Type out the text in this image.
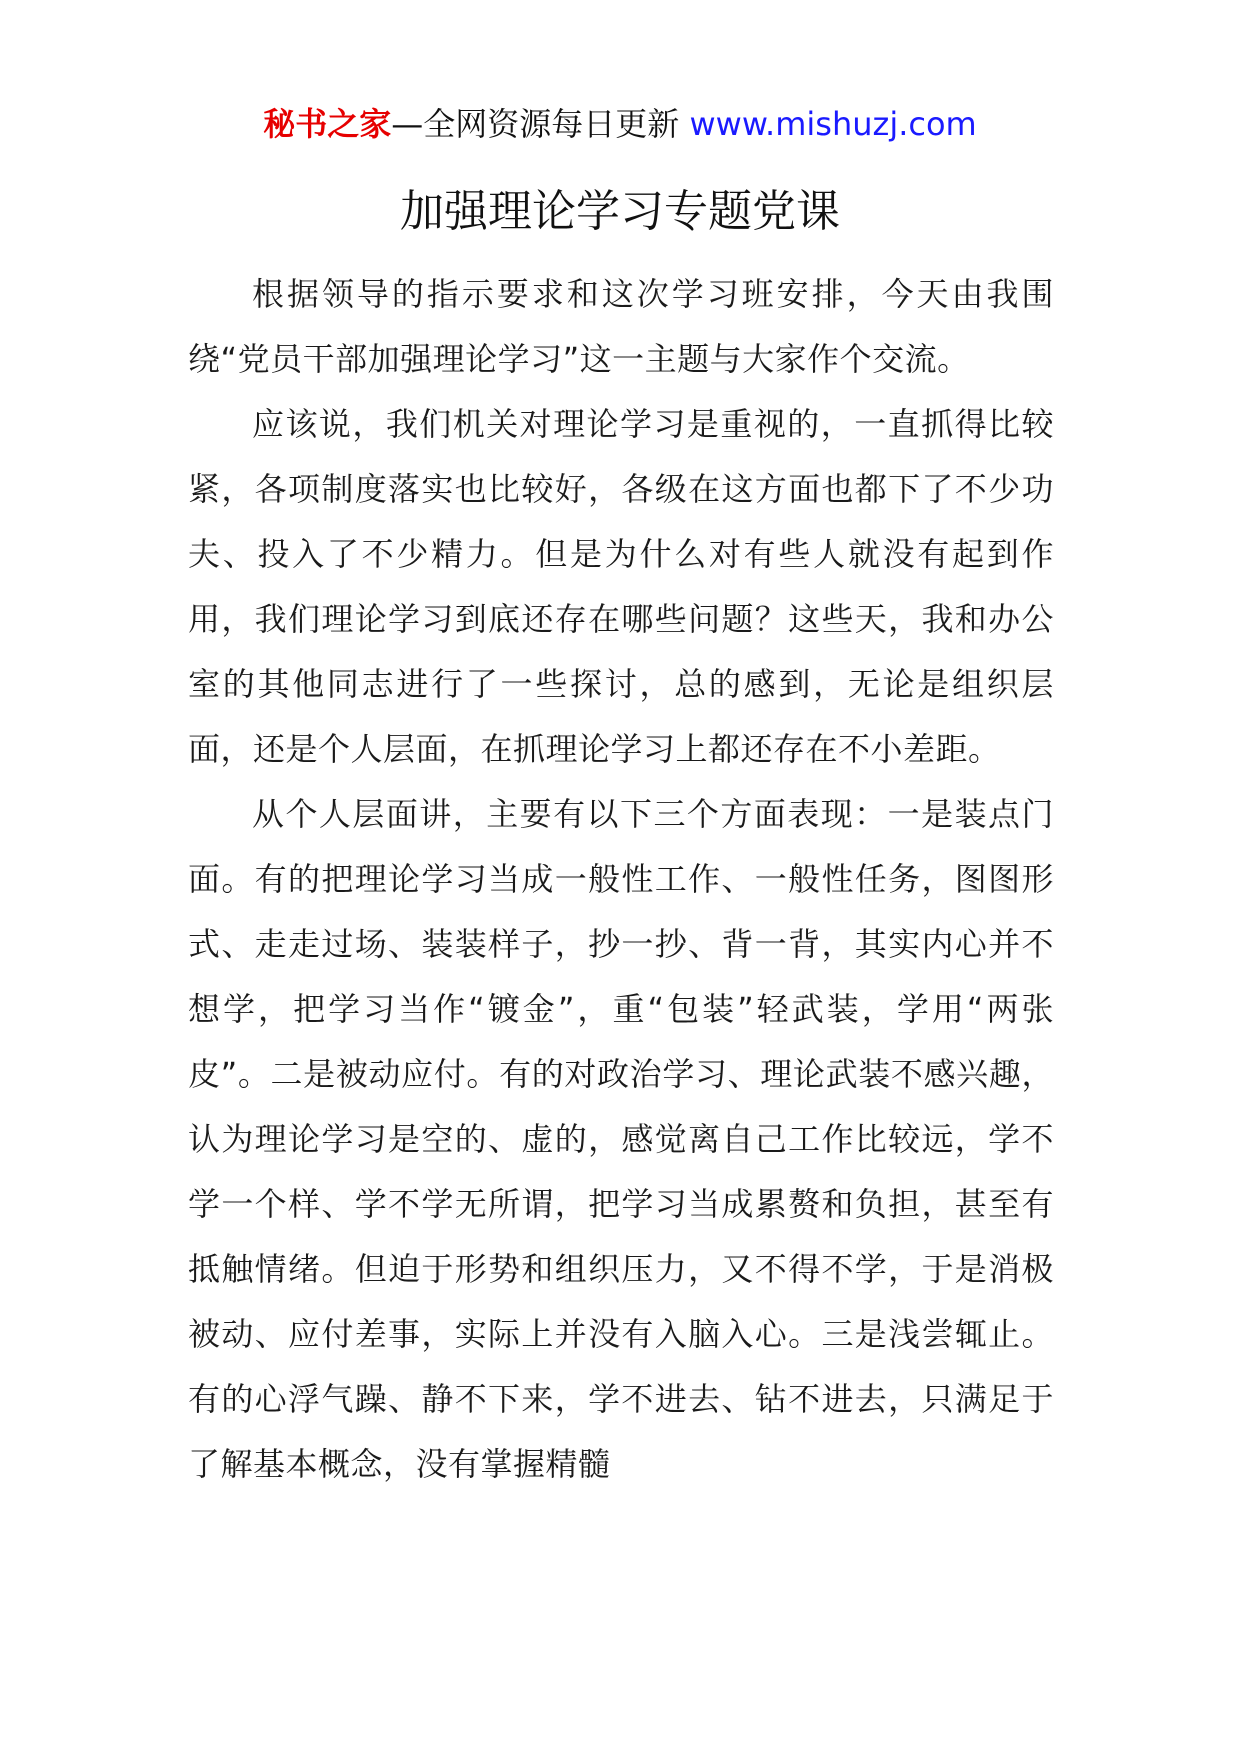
秘书之家—全网资源每日更新 www.mishuzj.com
加强理论学习专题党课

根据领导的指示要求和这次学习班安排，今天由我围绕“党员干部加强理论学习”这一主题与大家作个交流。

应该说，我们机关对理论学习是重视的，一直抓得比较紧，各项制度落实也比较好，各级在这方面也都下了不少功夫、投入了不少精力。但是为什么对有些人就没有起到作用，我们理论学习到底还存在哪些问题？这些天，我和办公室的其他同志进行了一些探讨，总的感到，无论是组织层面，还是个人层面，在抓理论学习上都还存在不小差距。

从个人层面讲，主要有以下三个方面表现：一是装点门面。有的把理论学习当成一般性工作、一般性任务，图图形式、走走过场、装装样子，抄一抄、背一背，其实内心并不想学，把学习当作“镀金”，重“包装”轻武装，学用“两张皮”。二是被动应付。有的对政治学习、理论武装不感兴趣，认为理论学习是空的、虚的，感觉离自己工作比较远，学不学一个样、学不学无所谓，把学习当成累赘和负担，甚至有抵触情绪。但迫于形势和组织压力，又不得不学，于是消极被动、应付差事，实际上并没有入脑入心。三是浅尝辄止。有的心浮气躁、静不下来，学不进去、钻不进去，只满足于了解基本概念，没有掌握精髓
